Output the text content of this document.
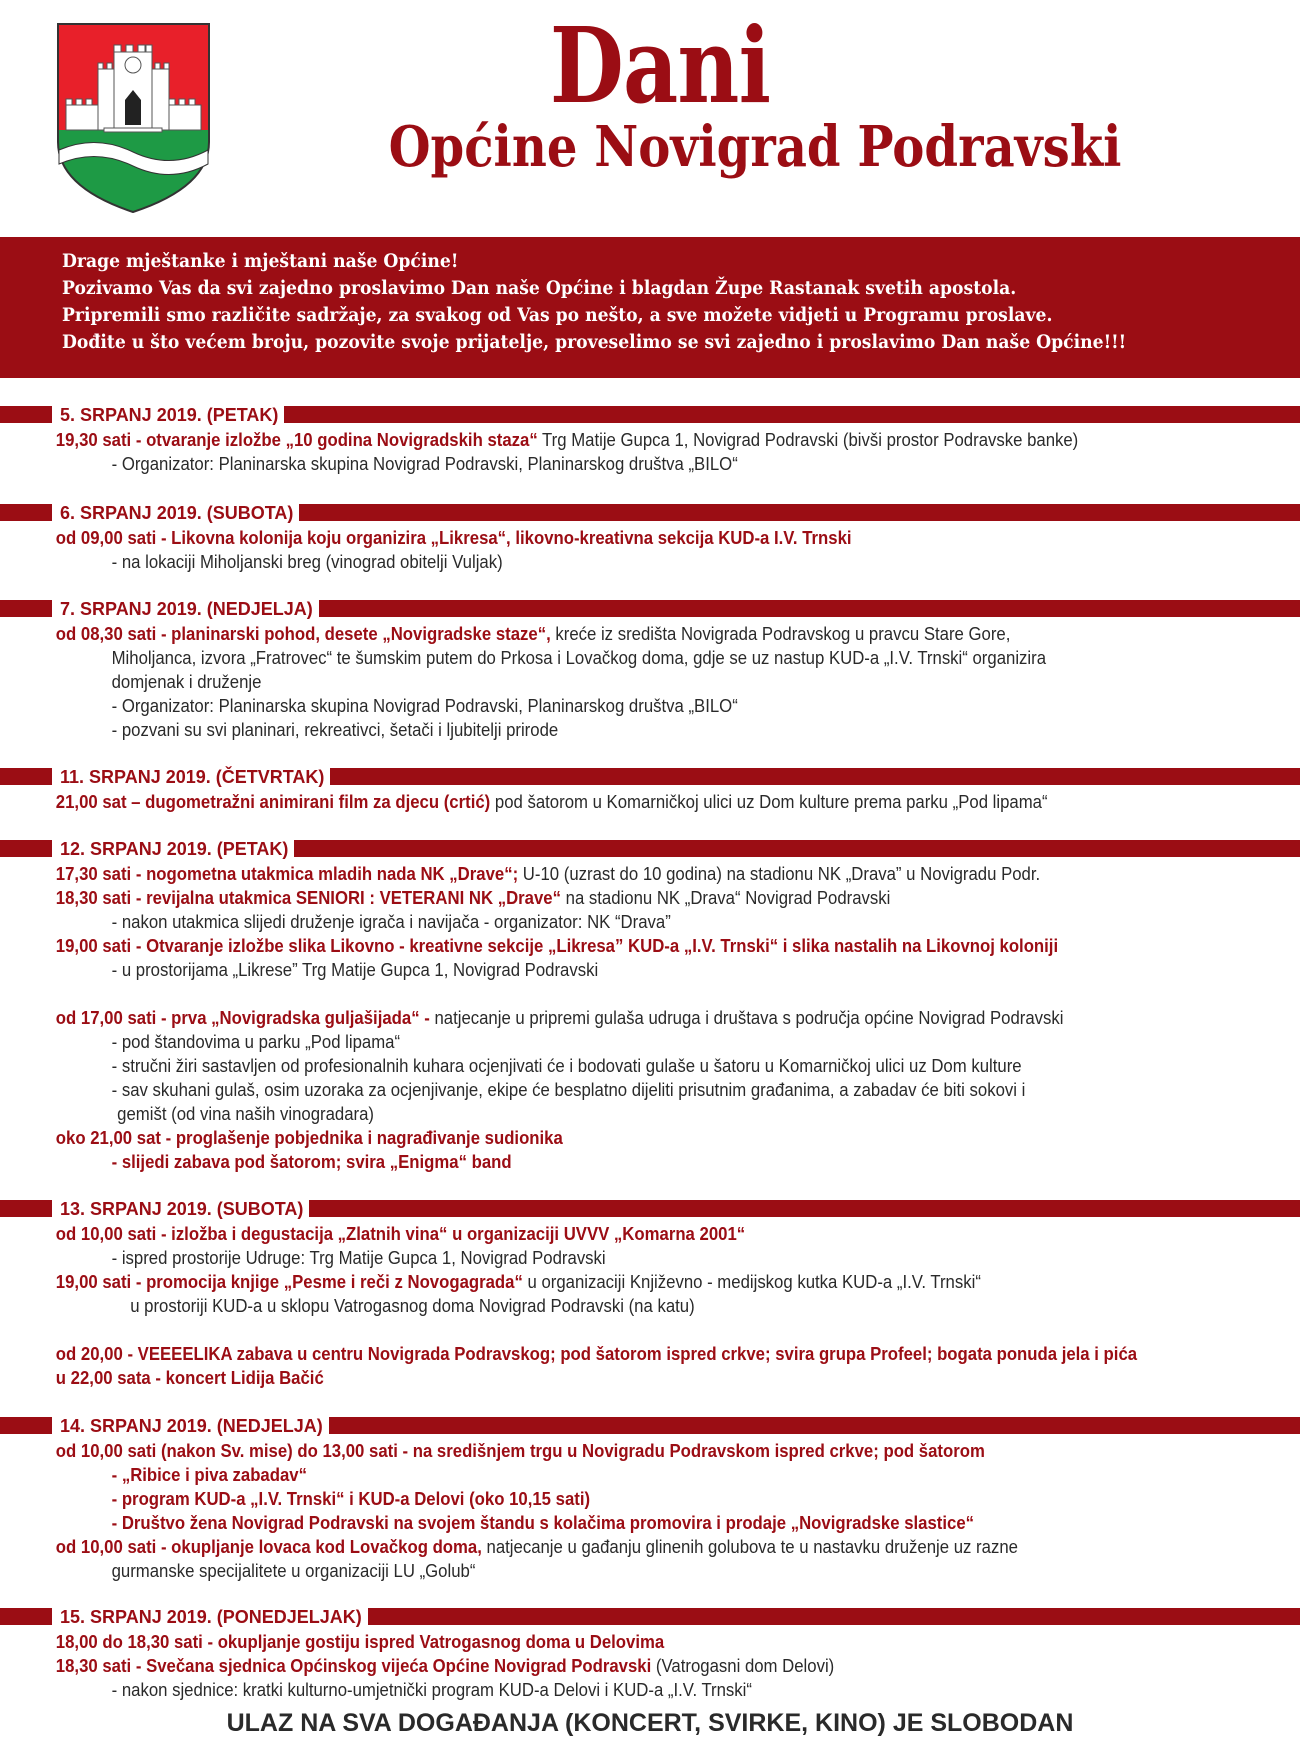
Dani
Općine Novigrad Podravski
Drage mještanke i mještani naše Općine!
Pozivamo Vas da svi zajedno proslavimo Dan naše Općine i blagdan Župe Rastanak svetih apostola.
Pripremili smo različite sadržaje, za svakog od Vas po nešto, a sve možete vidjeti u Programu proslave.
Dođite u što većem broju, pozovite svoje prijatelje, proveselimo se svi zajedno i proslavimo Dan naše Općine!!!
5. SRPANJ 2019. (PETAK)
19,30 sati - otvaranje izložbe „10 godina Novigradskih staza“ Trg Matije Gupca 1, Novigrad Podravski (bivši prostor Podravske banke)
- Organizator: Planinarska skupina Novigrad Podravski, Planinarskog društva „BILO“
6. SRPANJ 2019. (SUBOTA)
od 09,00 sati - Likovna kolonija koju organizira „Likresa“, likovno-kreativna sekcija KUD-a I.V. Trnski
- na lokaciji Miholjanski breg (vinograd obitelji Vuljak)
7. SRPANJ 2019. (NEDJELJA)
od 08,30 sati - planinarski pohod, desete „Novigradske staze“, kreće iz središta Novigrada Podravskog u pravcu Stare Gore,
Miholjanca, izvora „Fratrovec“ te šumskim putem do Prkosa i Lovačkog doma, gdje se uz nastup KUD-a „I.V. Trnski“ organizira
domjenak i druženje
- Organizator: Planinarska skupina Novigrad Podravski, Planinarskog društva „BILO“
- pozvani su svi planinari, rekreativci, šetači i ljubitelji prirode
11. SRPANJ 2019. (ČETVRTAK)
21,00 sat – dugometražni animirani film za djecu (crtić) pod šatorom u Komarničkoj ulici uz Dom kulture prema parku „Pod lipama“
12. SRPANJ 2019. (PETAK)
17,30 sati - nogometna utakmica mladih nada NK „Drave“; U-10 (uzrast do 10 godina) na stadionu NK „Drava” u Novigradu Podr.
18,30 sati - revijalna utakmica SENIORI : VETERANI NK „Drave“ na stadionu NK „Drava“ Novigrad Podravski
- nakon utakmica slijedi druženje igrača i navijača - organizator: NK “Drava”
19,00 sati - Otvaranje izložbe slika Likovno - kreativne sekcije „Likresa” KUD-a „I.V. Trnski“ i slika nastalih na Likovnoj koloniji
- u prostorijama „Likrese” Trg Matije Gupca 1, Novigrad Podravski
od 17,00 sati - prva „Novigradska guljašijada“ - natjecanje u pripremi gulaša udruga i društava s područja općine Novigrad Podravski
- pod štandovima u parku „Pod lipama“
- stručni žiri sastavljen od profesionalnih kuhara ocjenjivati će i bodovati gulaše u šatoru u Komarničkoj ulici uz Dom kulture
- sav skuhani gulaš, osim uzoraka za ocjenjivanje, ekipe će besplatno dijeliti prisutnim građanima, a zabadav će biti sokovi i
gemišt (od vina naših vinogradara)
oko 21,00 sat - proglašenje pobjednika i nagrađivanje sudionika
- slijedi zabava pod šatorom; svira „Enigma“ band
13. SRPANJ 2019. (SUBOTA)
od 10,00 sati - izložba i degustacija „Zlatnih vina“ u organizaciji UVVV „Komarna 2001“
- ispred prostorije Udruge: Trg Matije Gupca 1, Novigrad Podravski
19,00 sati - promocija knjige „Pesme i reči z Novogagrada“ u organizaciji Književno - medijskog kutka KUD-a „I.V. Trnski“
u prostoriji KUD-a u sklopu Vatrogasnog doma Novigrad Podravski (na katu)
od 20,00 - VEEEELIKA zabava u centru Novigrada Podravskog; pod šatorom ispred crkve; svira grupa Profeel; bogata ponuda jela i pića
u 22,00 sata - koncert Lidija Bačić
14. SRPANJ 2019. (NEDJELJA)
od 10,00 sati (nakon Sv. mise) do 13,00 sati - na središnjem trgu u Novigradu Podravskom ispred crkve; pod šatorom
- „Ribice i piva zabadav“
- program KUD-a „I.V. Trnski“ i KUD-a Delovi (oko 10,15 sati)
- Društvo žena Novigrad Podravski na svojem štandu s kolačima promovira i prodaje „Novigradske slastice“
od 10,00 sati - okupljanje lovaca kod Lovačkog doma, natjecanje u gađanju glinenih golubova te u nastavku druženje uz razne
gurmanske specijalitete u organizaciji LU „Golub“
15. SRPANJ 2019. (PONEDJELJAK)
18,00 do 18,30 sati - okupljanje gostiju ispred Vatrogasnog doma u Delovima
18,30 sati - Svečana sjednica Općinskog vijeća Općine Novigrad Podravski (Vatrogasni dom Delovi)
- nakon sjednice: kratki kulturno-umjetnički program KUD-a Delovi i KUD-a „I.V. Trnski“
ULAZ NA SVA DOGAĐANJA (KONCERT, SVIRKE, KINO) JE SLOBODAN
